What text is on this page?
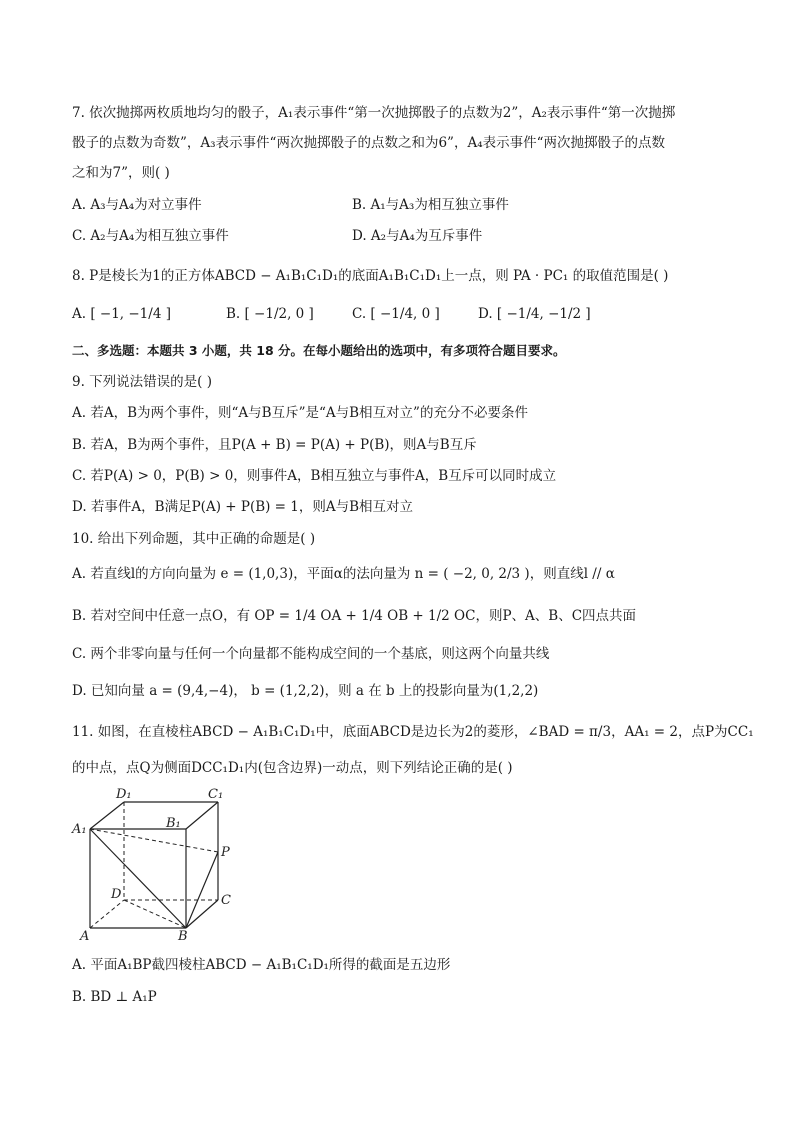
7. 依次抛掷两枚质地均匀的骰子，A₁表示事件“第一次抛掷骰子的点数为2”，A₂表示事件“第一次抛掷
骰子的点数为奇数”，A₃表示事件“两次抛掷骰子的点数之和为6”，A₄表示事件“两次抛掷骰子的点数
之和为7”，则( )
A. A₃与A₄为对立事件	B. A₁与A₃为相互独立事件
C. A₂与A₄为相互独立事件	D. A₂与A₄为互斥事件
8. P是棱长为1的正方体ABCD − A₁B₁C₁D₁的底面A₁B₁C₁D₁上一点，则 PA · PC₁ 的取值范围是( )
A. [ −1, −1/4 ]	B. [ −1/2, 0 ]	C. [ −1/4, 0 ]	D. [ −1/4, −1/2 ]
二、多选题：本题共 3 小题，共 18 分。在每小题给出的选项中，有多项符合题目要求。
9. 下列说法错误的是( )
A. 若A，B为两个事件，则“A与B互斥”是“A与B相互对立”的充分不必要条件
B. 若A，B为两个事件，且P(A + B) = P(A) + P(B)，则A与B互斥
C. 若P(A) > 0，P(B) > 0，则事件A，B相互独立与事件A，B互斥可以同时成立
D. 若事件A，B满足P(A) + P(B) = 1，则A与B相互对立
10. 给出下列命题，其中正确的命题是( )
A. 若直线l的方向向量为 e = (1,0,3)，平面α的法向量为 n = ( −2, 0, 2/3 )，则直线l // α
B. 若对空间中任意一点O，有 OP = 1/4 OA + 1/4 OB + 1/2 OC，则P、A、B、C四点共面
C. 两个非零向量与任何一个向量都不能构成空间的一个基底，则这两个向量共线
D. 已知向量 a = (9,4,−4)， b = (1,2,2)，则 a 在 b 上的投影向量为(1,2,2)
11. 如图，在直棱柱ABCD − A₁B₁C₁D₁中，底面ABCD是边长为2的菱形，∠BAD = π/3，AA₁ = 2，点P为CC₁
的中点，点Q为侧面DCC₁D₁内(包含边界)一动点，则下列结论正确的是( )
D₁	C₁
A₁	B₁
P
D	C
A	B
A. 平面A₁BP截四棱柱ABCD − A₁B₁C₁D₁所得的截面是五边形
B. BD ⊥ A₁P
